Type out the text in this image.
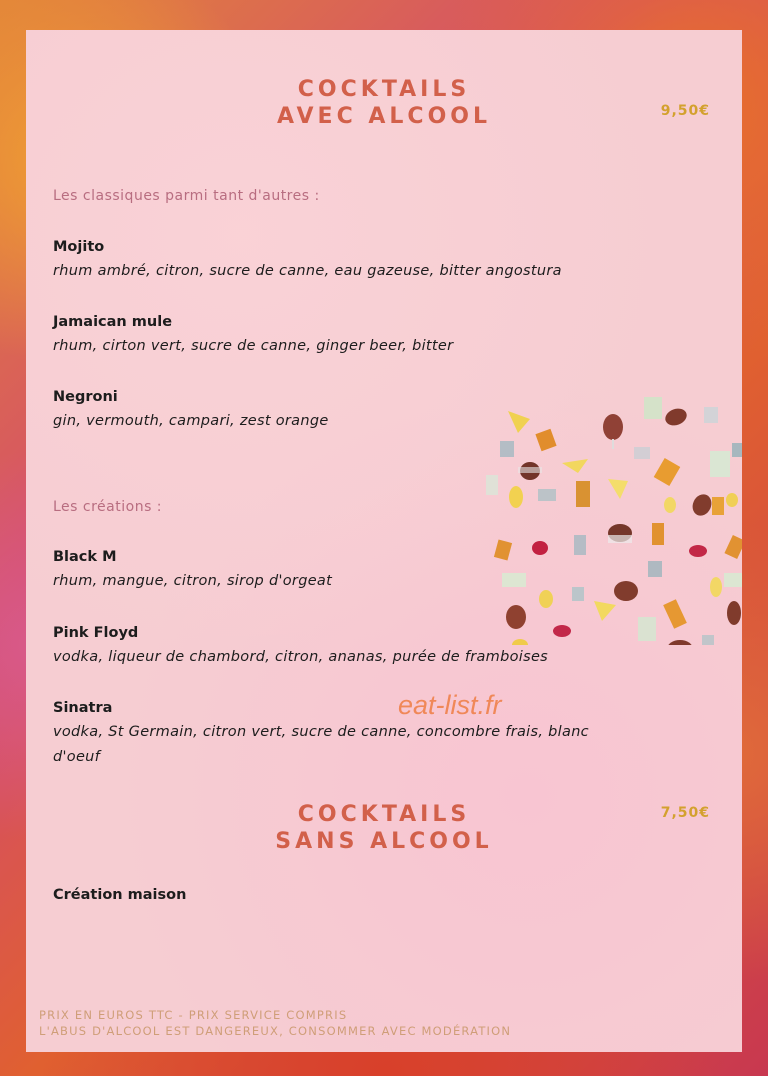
COCKTAILS
AVEC ALCOOL	9,50€
Les classiques parmi tant d'autres :
Mojito
rhum ambré, citron, sucre de canne, eau gazeuse, bitter angostura
Jamaican mule
rhum, cirton vert, sucre de canne, ginger beer, bitter
Negroni
gin, vermouth, campari, zest orange
Les créations :
Black M
rhum, mangue, citron, sirop d'orgeat
Pink Floyd
vodka, liqueur de chambord, citron, ananas, purée de framboises
Sinatra
vodka, St Germain, citron vert, sucre de canne, concombre frais, blanc d'oeuf
eat-list.fr
COCKTAILS
SANS ALCOOL
7,50€
Création maison
PRIX EN EUROS TTC - PRIX SERVICE COMPRIS
L'ABUS D'ALCOOL EST DANGEREUX, CONSOMMER AVEC MODÉRATION
